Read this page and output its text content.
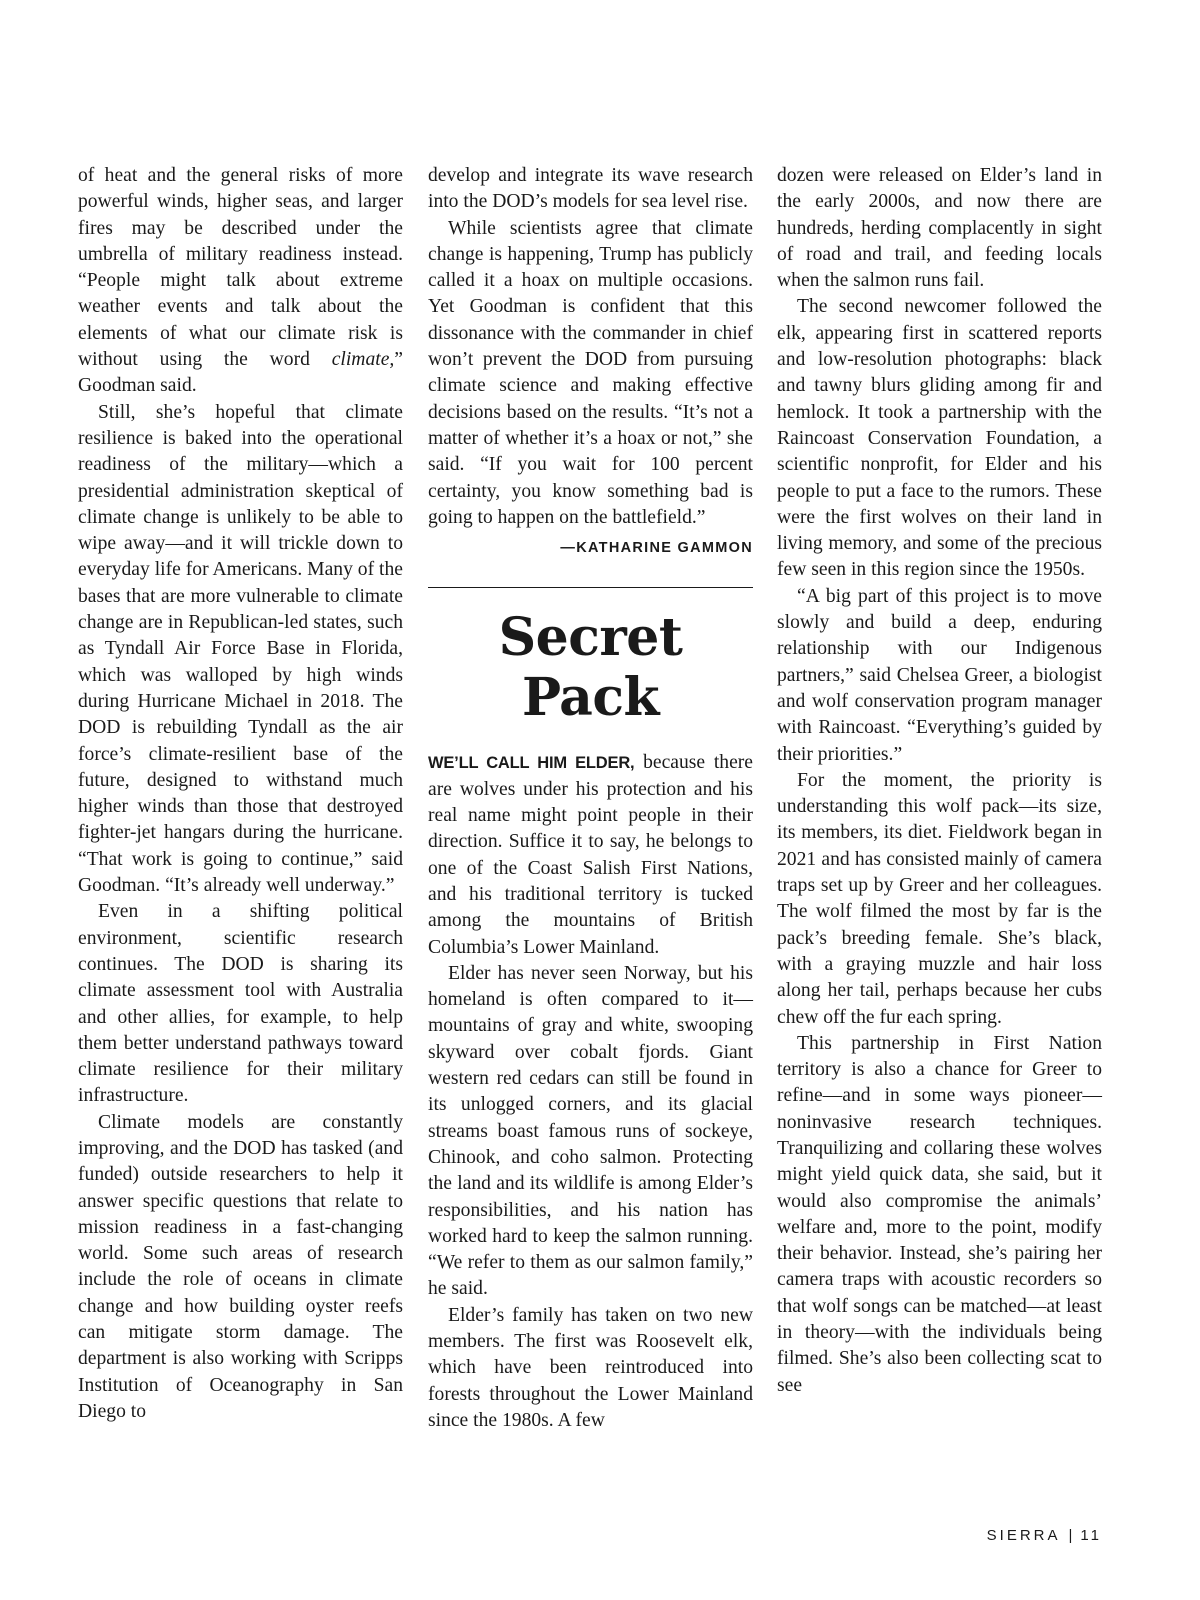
of heat and the general risks of more powerful winds, higher seas, and larger fires may be described under the umbrella of military readiness instead. “People might talk about extreme weather events and talk about the elements of what our climate risk is without using the word climate,” Goodman said.

Still, she’s hopeful that climate resilience is baked into the operational readiness of the military—which a presidential administration skeptical of climate change is unlikely to be able to wipe away—and it will trickle down to everyday life for Americans. Many of the bases that are more vulnerable to climate change are in Republican-led states, such as Tyndall Air Force Base in Florida, which was walloped by high winds during Hurricane Michael in 2018. The DOD is rebuilding Tyndall as the air force’s climate-resilient base of the future, designed to withstand much higher winds than those that destroyed fighter-jet hangars during the hurricane. “That work is going to continue,” said Goodman. “It’s already well underway.”

Even in a shifting political environment, scientific research continues. The DOD is sharing its climate assessment tool with Australia and other allies, for example, to help them better understand pathways toward climate resilience for their military infrastructure.

Climate models are constantly improving, and the DOD has tasked (and funded) outside researchers to help it answer specific questions that relate to mission readiness in a fast-changing world. Some such areas of research include the role of oceans in climate change and how building oyster reefs can mitigate storm damage. The department is also working with Scripps Institution of Oceanography in San Diego to

develop and integrate its wave research into the DOD’s models for sea level rise.

While scientists agree that climate change is happening, Trump has publicly called it a hoax on multiple occasions. Yet Goodman is confident that this dissonance with the commander in chief won’t prevent the DOD from pursuing climate science and making effective decisions based on the results. “It’s not a matter of whether it’s a hoax or not,” she said. “If you wait for 100 percent certainty, you know something bad is going to happen on the battlefield.”

—KATHARINE GAMMON
Secret Pack

WE’LL CALL HIM ELDER, because there are wolves under his protection and his real name might point people in their direction. Suffice it to say, he belongs to one of the Coast Salish First Nations, and his traditional territory is tucked among the mountains of British Columbia’s Lower Mainland.

Elder has never seen Norway, but his homeland is often compared to it—mountains of gray and white, swooping skyward over cobalt fjords. Giant western red cedars can still be found in its unlogged corners, and its glacial streams boast famous runs of sockeye, Chinook, and coho salmon. Protecting the land and its wildlife is among Elder’s responsibilities, and his nation has worked hard to keep the salmon running. “We refer to them as our salmon family,” he said.

Elder’s family has taken on two new members. The first was Roosevelt elk, which have been reintroduced into forests throughout the Lower Mainland since the 1980s. A few

dozen were released on Elder’s land in the early 2000s, and now there are hundreds, herding complacently in sight of road and trail, and feeding locals when the salmon runs fail.

The second newcomer followed the elk, appearing first in scattered reports and low-resolution photographs: black and tawny blurs gliding among fir and hemlock. It took a partnership with the Raincoast Conservation Foundation, a scientific nonprofit, for Elder and his people to put a face to the rumors. These were the first wolves on their land in living memory, and some of the precious few seen in this region since the 1950s.

“A big part of this project is to move slowly and build a deep, enduring relationship with our Indigenous partners,” said Chelsea Greer, a biologist and wolf conservation program manager with Raincoast. “Everything’s guided by their priorities.”

For the moment, the priority is understanding this wolf pack—its size, its members, its diet. Fieldwork began in 2021 and has consisted mainly of camera traps set up by Greer and her colleagues. The wolf filmed the most by far is the pack’s breeding female. She’s black, with a graying muzzle and hair loss along her tail, perhaps because her cubs chew off the fur each spring.

This partnership in First Nation territory is also a chance for Greer to refine—and in some ways pioneer—noninvasive research techniques. Tranquilizing and collaring these wolves might yield quick data, she said, but it would also compromise the animals’ welfare and, more to the point, modify their behavior. Instead, she’s pairing her camera traps with acoustic recorders so that wolf songs can be matched—at least in theory—with the individuals being filmed. She’s also been collecting scat to see

SIERRA | 11
